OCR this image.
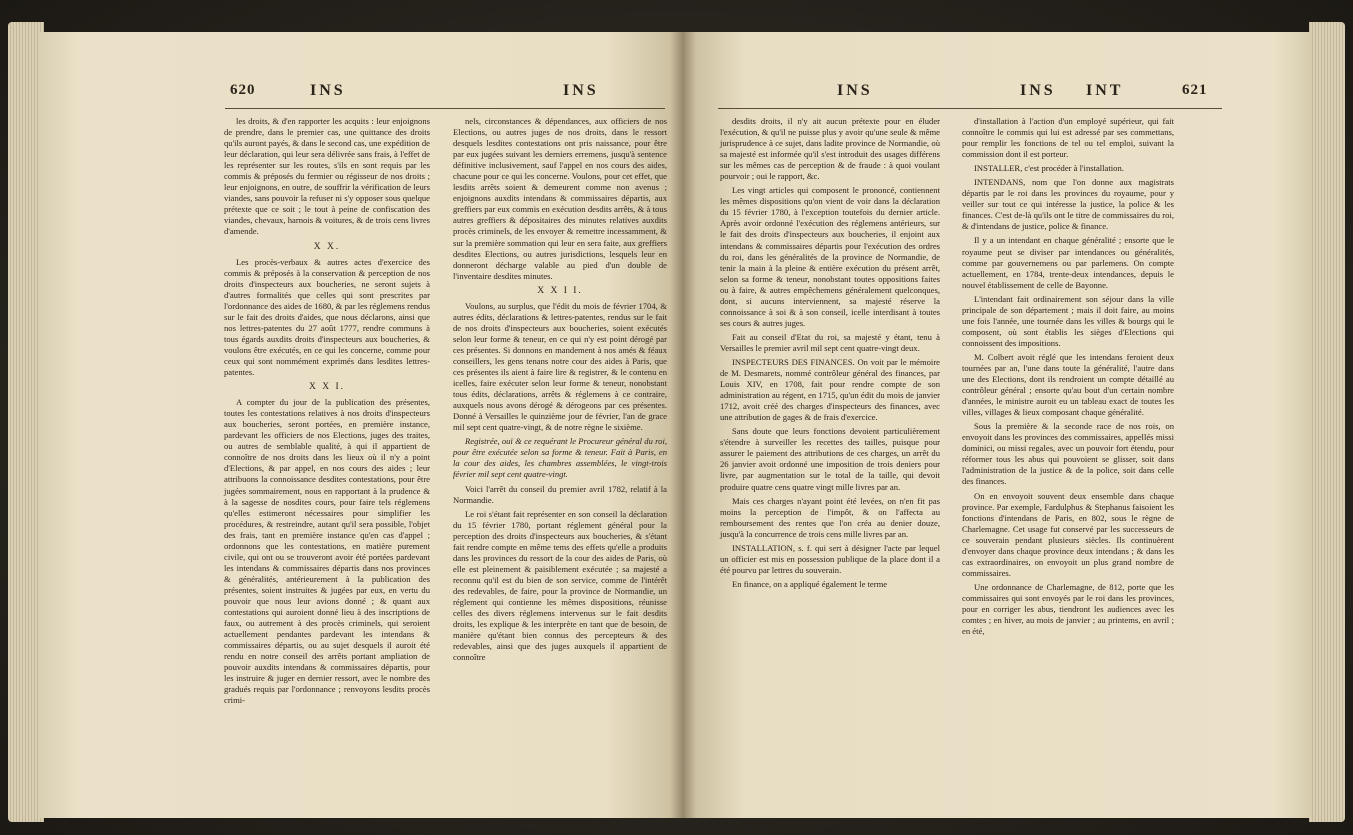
620	INS	INS

les droits, & d'en rapporter les acquits : leur enjoignons de prendre, dans le premier cas, une quittance des droits qu'ils auront payés, & dans le second cas, une expédition de leur déclaration, qui leur sera délivrée sans frais, à l'effet de les représenter sur les routes, s'ils en sont requis par les commis & préposés du fermier ou régisseur de nos droits ; leur enjoignons, en outre, de souffrir la vérification de leurs viandes, sans pouvoir la refuser ni s'y opposer sous quelque prétexte que ce soit ; le tout à peine de confiscation des viandes, chevaux, harnois & voitures, & de trois cens livres d'amende.

X X.

Les procès-verbaux & autres actes d'exercice des commis & préposés à la conservation & perception de nos droits d'inspecteurs aux boucheries, ne seront sujets à d'autres formalités que celles qui sont prescrites par l'ordonnance des aides de 1680, & par les réglemens rendus sur le fait des droits d'aides, que nous déclarons, ainsi que nos lettres-patentes du 27 août 1777, rendre communs à tous égards auxdits droits d'inspecteurs aux boucheries, & voulons être exécutés, en ce qui les concerne, comme pour ceux qui sont nommément exprimés dans lesdites lettres-patentes.

X X I.

A compter du jour de la publication des présentes, toutes les contestations relatives à nos droits d'inspecteurs aux boucheries, seront portées, en première instance, pardevant les officiers de nos Elections, juges des traites, ou autres de semblable qualité, à qui il appartient de connoître de nos droits dans les lieux où il n'y a point d'Elections, & par appel, en nos cours des aides ; leur attribuons la connoissance desdites contestations, pour être jugées sommairement, nous en rapportant à la prudence & à la sagesse de nosdites cours, pour faire tels réglemens qu'elles estimeront nécessaires pour simplifier les procédures, & restreindre, autant qu'il sera possible, l'objet des frais, tant en première instance qu'en cas d'appel ; ordonnons que les contestations, en matière purement civile, qui ont ou se trouveront avoir été portées pardevant les intendans & commissaires départis dans nos provinces & généralités, antérieurement à la publication des présentes, soient instruites & jugées par eux, en vertu du pouvoir que nous leur avions donné ; & quant aux contestations qui auroient donné lieu à des inscriptions de faux, ou autrement à des procès criminels, qui seroient actuellement pendantes pardevant les intendans & commissaires départis, ou au sujet desquels il auroit été rendu en notre conseil des arrêts portant ampliation de pouvoir auxdits intendans & commissaires départis, pour les instruire & juger en dernier ressort, avec le nombre des gradués requis par l'ordonnance ; renvoyons lesdits procès crimi-

nels, circonstances & dépendances, aux officiers de nos Elections, ou autres juges de nos droits, dans le ressort desquels lesdites contestations ont pris naissance, pour être par eux jugées suivant les derniers erremens, jusqu'à sentence définitive inclusivement, sauf l'appel en nos cours des aides, chacune pour ce qui les concerne. Voulons, pour cet effet, que lesdits arrêts soient & demeurent comme non avenus ; enjoignons auxdits intendans & commissaires départis, aux greffiers par eux commis en exécution desdits arrêts, & à tous autres greffiers & dépositaires des minutes relatives auxdits procès criminels, de les envoyer & remettre incessamment, & sur la première sommation qui leur en sera faite, aux greffiers desdites Elections, ou autres jurisdictions, lesquels leur en donneront décharge valable au pied d'un double de l'inventaire desdites minutes.

X X I I.

Voulons, au surplus, que l'édit du mois de février 1704, & autres édits, déclarations & lettres-patentes, rendus sur le fait de nos droits d'inspecteurs aux boucheries, soient exécutés selon leur forme & teneur, en ce qui n'y est point dérogé par ces présentes. Si donnons en mandement à nos amés & féaux conseillers, les gens tenans notre cour des aides à Paris, que ces présentes ils aient à faire lire & registrer, & le contenu en icelles, faire exécuter selon leur forme & teneur, nonobstant tous édits, déclarations, arrêts & réglemens à ce contraire, auxquels nous avons dérogé & dérogeons par ces présentes. Donné à Versailles le quinzième jour de février, l'an de grace mil sept cent quatre-vingt, & de notre règne le sixième.

Registrée, ouï & ce requérant le Procureur général du roi, pour être exécutée selon sa forme & teneur. Fait à Paris, en la cour des aides, les chambres assemblées, le vingt-trois février mil sept cent quatre-vingt.

Voici l'arrêt du conseil du premier avril 1782, relatif à la Normandie.

Le roi s'étant fait représenter en son conseil la déclaration du 15 février 1780, portant réglement général pour la perception des droits d'inspecteurs aux boucheries, & s'étant fait rendre compte en même tems des effets qu'elle a produits dans les provinces du ressort de la cour des aides de Paris, où elle est pleinement & paisiblement exécutée ; sa majesté a reconnu qu'il est du bien de son service, comme de l'intérêt des redevables, de faire, pour la province de Normandie, un réglement qui contienne les mêmes dispositions, réunisse celles des divers réglemens intervenus sur le fait desdits droits, les explique & les interprète en tant que de besoin, de manière qu'étant bien connus des percepteurs & des redevables, ainsi que des juges auxquels il appartient de connoître

INS	INS INT	621

desdits droits, il n'y ait aucun prétexte pour en éluder l'exécution, & qu'il ne puisse plus y avoir qu'une seule & même jurisprudence à ce sujet, dans ladite province de Normandie, où sa majesté est informée qu'il s'est introduit des usages différens sur les mêmes cas de perception & de fraude : à quoi voulant pourvoir ; oui le rapport, &c.

Les vingt articles qui composent le prononcé, contiennent les mêmes dispositions qu'on vient de voir dans la déclaration du 15 février 1780, à l'exception toutefois du dernier article. Après avoir ordonné l'exécution des réglemens antérieurs, sur le fait des droits d'inspecteurs aux boucheries, il enjoint aux intendans & commissaires départis pour l'exécution des ordres du roi, dans les généralités de la province de Normandie, de tenir la main à la pleine & entière exécution du présent arrêt, selon sa forme & teneur, nonobstant toutes oppositions faites ou à faire, & autres empêchemens généralement quelconques, dont, si aucuns interviennent, sa majesté réserve la connoissance à soi & à son conseil, icelle interdisant à toutes ses cours & autres juges.

Fait au conseil d'Etat du roi, sa majesté y étant, tenu à Versailles le premier avril mil sept cent quatre-vingt deux.

INSPECTEURS DES FINANCES. On voit par le mémoire de M. Desmarets, nommé contrôleur général des finances, par Louis XIV, en 1708, fait pour rendre compte de son administration au régent, en 1715, qu'un édit du mois de janvier 1712, avoit créé des charges d'inspecteurs des finances, avec une attribution de gages & de frais d'exercice.

Sans doute que leurs fonctions devoient particulièrement s'étendre à surveiller les recettes des tailles, puisque pour assurer le paiement des attributions de ces charges, un arrêt du 26 janvier avoit ordonné une imposition de trois deniers pour livre, par augmentation sur le total de la taille, qui devoit produire quatre cens quatre vingt mille livres par an.

Mais ces charges n'ayant point été levées, on n'en fit pas moins la perception de l'impôt, & on l'affecta au remboursement des rentes que l'on créa au denier douze, jusqu'à la concurrence de trois cens mille livres par an.

INSTALLATION, s. f. qui sert à désigner l'acte par lequel un officier est mis en possession publique de la place dont il a été pourvu par lettres du souverain.

En finance, on a appliqué également le terme

d'installation à l'action d'un employé supérieur, qui fait connoître le commis qui lui est adressé par ses commettans, pour remplir les fonctions de tel ou tel emploi, suivant la commission dont il est porteur.

INSTALLER, c'est procéder à l'installation.

INTENDANS, nom que l'on donne aux magistrats départis par le roi dans les provinces du royaume, pour y veiller sur tout ce qui intéresse la justice, la police & les finances. C'est de-là qu'ils ont le titre de commissaires du roi, & d'intendans de justice, police & finance.

Il y a un intendant en chaque généralité ; ensorte que le royaume peut se diviser par intendances ou généralités, comme par gouvernemens ou par parlemens. On compte actuellement, en 1784, trente-deux intendances, depuis le nouvel établissement de celle de Bayonne.

L'intendant fait ordinairement son séjour dans la ville principale de son département ; mais il doit faire, au moins une fois l'année, une tournée dans les villes & bourgs qui le composent, où sont établis les sièges d'Elections qui connoissent des impositions.

M. Colbert avoit réglé que les intendans feroient deux tournées par an, l'une dans toute la généralité, l'autre dans une des Elections, dont ils rendroient un compte détaillé au contrôleur général ; ensorte qu'au bout d'un certain nombre d'années, le ministre auroit eu un tableau exact de toutes les villes, villages & lieux composant chaque généralité.

Sous la première & la seconde race de nos rois, on envoyoit dans les provinces des commissaires, appellés missi dominici, ou missi regales, avec un pouvoir fort étendu, pour réformer tous les abus qui pouvoient se glisser, soit dans l'administration de la justice & de la police, soit dans celle des finances.

On en envoyoit souvent deux ensemble dans chaque province. Par exemple, Fardulphus & Stephanus faisoient les fonctions d'intendans de Paris, en 802, sous le règne de Charlemagne. Cet usage fut conservé par les successeurs de ce souverain pendant plusieurs siècles. Ils continuèrent d'envoyer dans chaque province deux intendans ; & dans les cas extraordinaires, on envoyoit un plus grand nombre de commissaires.

Une ordonnance de Charlemagne, de 812, porte que les commissaires qui sont envoyés par le roi dans les provinces, pour en corriger les abus, tiendront les audiences avec les comtes ; en hiver, au mois de janvier ; au printems, en avril ; en été,
